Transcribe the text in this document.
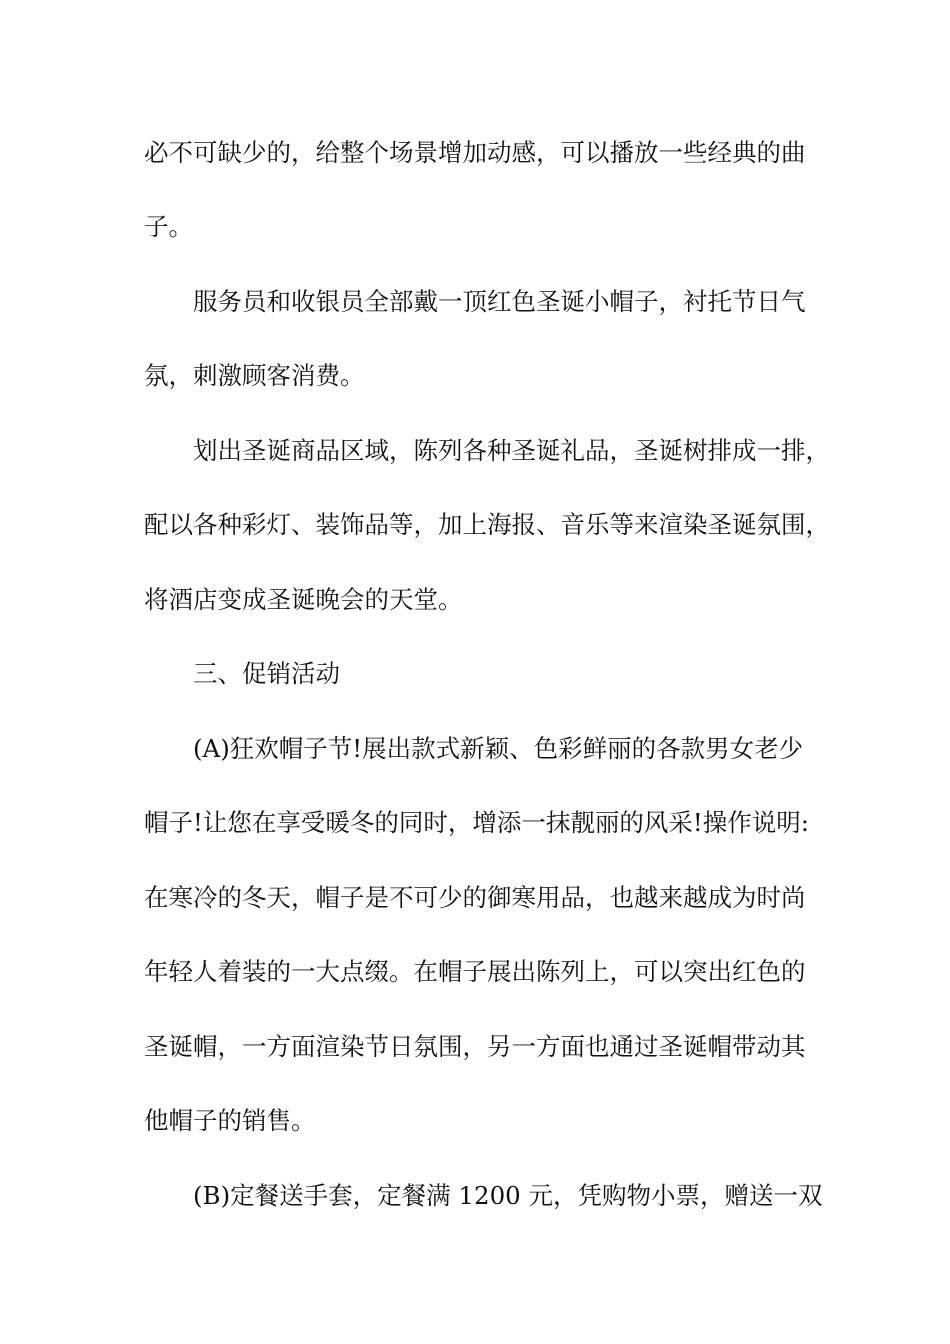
必不可缺少的，给整个场景增加动感，可以播放一些经典的曲
子。
服务员和收银员全部戴一顶红色圣诞小帽子，衬托节日气
氛，刺激顾客消费。
划出圣诞商品区域，陈列各种圣诞礼品，圣诞树排成一排，
配以各种彩灯、装饰品等，加上海报、音乐等来渲染圣诞氛围，
将酒店变成圣诞晚会的天堂。
三、促销活动
(A)狂欢帽子节!展出款式新颖、色彩鲜丽的各款男女老少
帽子!让您在享受暖冬的同时，增添一抹靓丽的风采!操作说明:
在寒冷的冬天，帽子是不可少的御寒用品，也越来越成为时尚
年轻人着装的一大点缀。在帽子展出陈列上，可以突出红色的
圣诞帽，一方面渲染节日氛围，另一方面也通过圣诞帽带动其
他帽子的销售。
(B)定餐送手套，定餐满 1200 元，凭购物小票，赠送一双
